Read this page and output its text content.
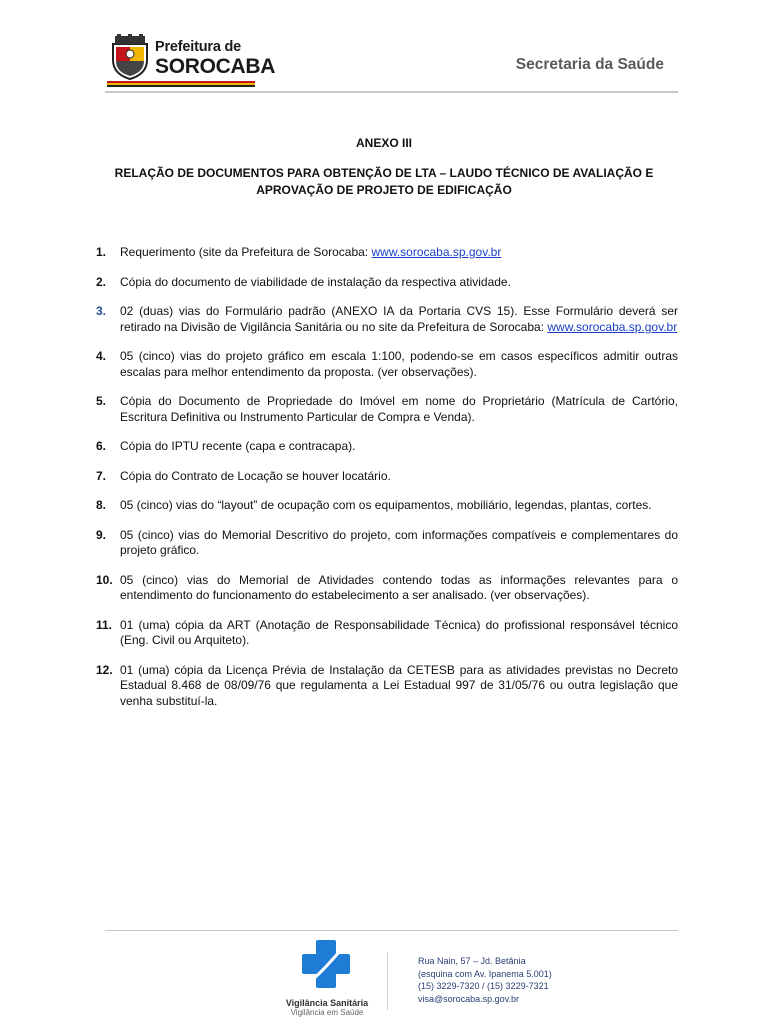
Prefeitura de
SOROCABA	Secretaria da Saúde
ANEXO III
RELAÇÃO DE DOCUMENTOS PARA OBTENÇÃO DE LTA – LAUDO TÉCNICO DE AVALIAÇÃO E APROVAÇÃO DE PROJETO DE EDIFICAÇÃO
1. Requerimento (site da Prefeitura de Sorocaba: www.sorocaba.sp.gov.br
2. Cópia do documento de viabilidade de instalação da respectiva atividade.
3. 02 (duas) vias do Formulário padrão (ANEXO IA da Portaria CVS 15). Esse Formulário deverá ser retirado na Divisão de Vigilância Sanitária ou no site da Prefeitura de Sorocaba: www.sorocaba.sp.gov.br
4. 05 (cinco) vias do projeto gráfico em escala 1:100, podendo-se em casos específicos admitir outras escalas para melhor entendimento da proposta. (ver observações).
5. Cópia do Documento de Propriedade do Imóvel em nome do Proprietário (Matrícula de Cartório, Escritura Definitiva ou Instrumento Particular de Compra e Venda).
6. Cópia do IPTU recente (capa e contracapa).
7. Cópia do Contrato de Locação se houver locatário.
8. 05 (cinco) vias do “layout” de ocupação com os equipamentos, mobiliário, legendas, plantas, cortes.
9. 05 (cinco) vias do Memorial Descritivo do projeto, com informações compatíveis e complementares do projeto gráfico.
10. 05 (cinco) vias do Memorial de Atividades contendo todas as informações relevantes para o entendimento do funcionamento do estabelecimento a ser analisado. (ver observações).
11. 01 (uma) cópia da ART (Anotação de Responsabilidade Técnica) do profissional responsável técnico (Eng. Civil ou Arquiteto).
12. 01 (uma) cópia da Licença Prévia de Instalação da CETESB para as atividades previstas no Decreto Estadual 8.468 de 08/09/76 que regulamenta a Lei Estadual 997 de 31/05/76 ou outra legislação que venha substituí-la.
Vigilância Sanitária
Vigilância em Saúde
Rua Nain, 57 – Jd. Betânia
(esquina com Av. Ipanema 5.001)
(15) 3229-7320 / (15) 3229-7321
visa@sorocaba.sp.gov.br
